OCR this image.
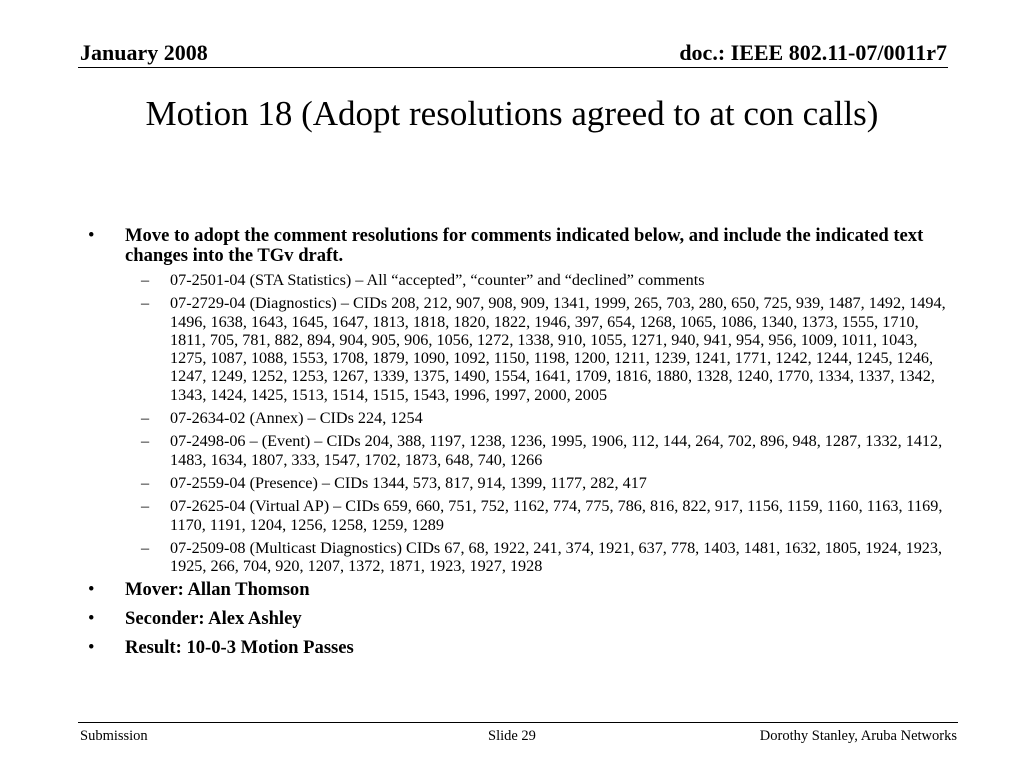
January 2008	doc.: IEEE 802.11-07/0011r7
Motion 18 (Adopt resolutions agreed to at con calls)
• Move to adopt the comment resolutions for comments indicated below, and include the indicated text changes into the TGv draft.
– 07-2501-04 (STA Statistics) – All “accepted”, “counter” and “declined” comments
– 07-2729-04 (Diagnostics) – CIDs 208, 212, 907, 908, 909, 1341, 1999, 265, 703, 280, 650, 725, 939, 1487, 1492, 1494, 1496, 1638, 1643, 1645, 1647, 1813, 1818, 1820, 1822, 1946, 397, 654, 1268, 1065, 1086, 1340, 1373, 1555, 1710, 1811, 705, 781, 882, 894, 904, 905, 906, 1056, 1272, 1338, 910, 1055, 1271, 940, 941, 954, 956, 1009, 1011, 1043, 1275, 1087, 1088, 1553, 1708, 1879, 1090, 1092, 1150, 1198, 1200, 1211, 1239, 1241, 1771, 1242, 1244, 1245, 1246, 1247, 1249, 1252, 1253, 1267, 1339, 1375, 1490, 1554, 1641, 1709, 1816, 1880, 1328, 1240, 1770, 1334, 1337, 1342, 1343, 1424, 1425, 1513, 1514, 1515, 1543, 1996, 1997, 2000, 2005
– 07-2634-02 (Annex) – CIDs 224, 1254
– 07-2498-06 – (Event) – CIDs 204, 388, 1197, 1238, 1236, 1995, 1906, 112, 144, 264, 702, 896, 948, 1287, 1332, 1412, 1483, 1634, 1807, 333, 1547, 1702, 1873, 648, 740, 1266
– 07-2559-04 (Presence) – CIDs 1344, 573, 817, 914, 1399, 1177, 282, 417
– 07-2625-04 (Virtual AP) – CIDs 659, 660, 751, 752, 1162, 774, 775, 786, 816, 822, 917, 1156, 1159, 1160, 1163, 1169, 1170, 1191, 1204, 1256, 1258, 1259, 1289
– 07-2509-08 (Multicast Diagnostics) CIDs 67, 68, 1922, 241, 374, 1921, 637, 778, 1403, 1481, 1632, 1805, 1924, 1923, 1925, 266, 704, 920, 1207, 1372, 1871, 1923, 1927, 1928
• Mover: Allan Thomson
• Seconder: Alex Ashley
• Result: 10-0-3 Motion Passes
Submission	Slide 29	Dorothy Stanley, Aruba Networks
